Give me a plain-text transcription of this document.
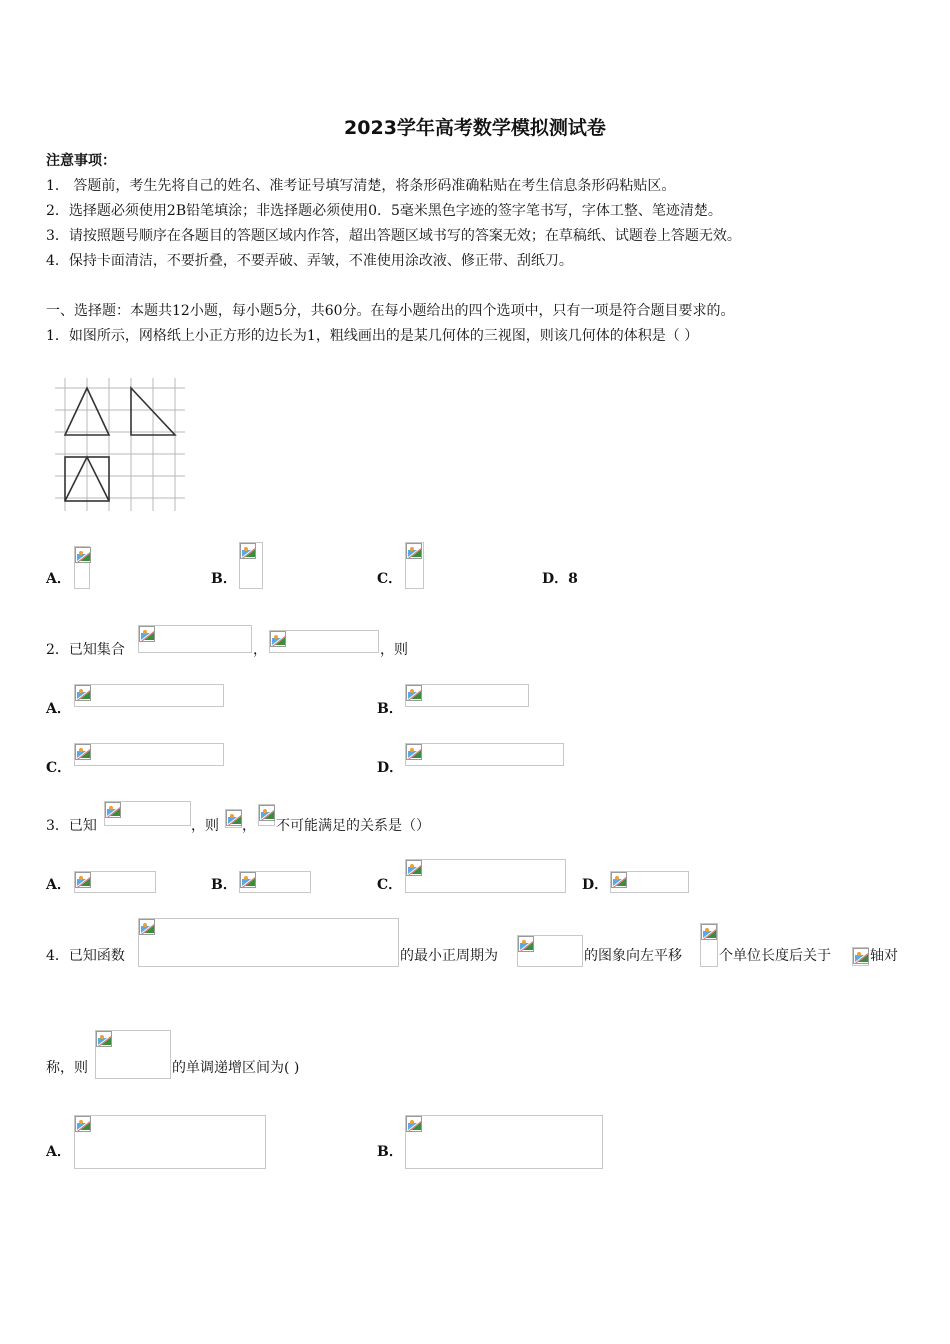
2023学年高考数学模拟测试卷
注意事项：
1． 答题前，考生先将自己的姓名、准考证号填写清楚，将条形码准确粘贴在考生信息条形码粘贴区。
2．选择题必须使用2B铅笔填涂；非选择题必须使用0．5毫米黑色字迹的签字笔书写，字体工整、笔迹清楚。
3．请按照题号顺序在各题目的答题区域内作答，超出答题区域书写的答案无效；在草稿纸、试题卷上答题无效。
4．保持卡面清洁，不要折叠，不要弄破、弄皱，不准使用涂改液、修正带、刮纸刀。
一、选择题：本题共12小题，每小题5分，共60分。在每小题给出的四个选项中，只有一项是符合题目要求的。
1．如图所示，网格纸上小正方形的边长为1，粗线画出的是某几何体的三视图，则该几何体的体积是（ ）
A．	B．	C．	D．8
2．已知集合	，	，则
A．	B．
C．	D．
3．已知	，则 ， 不可能满足的关系是（）
A．	B．	C．	D．
4．已知函数	的最小正周期为	的图象向左平移	个单位长度后关于	轴对
称，则	的单调递增区间为( )
A．	B．
